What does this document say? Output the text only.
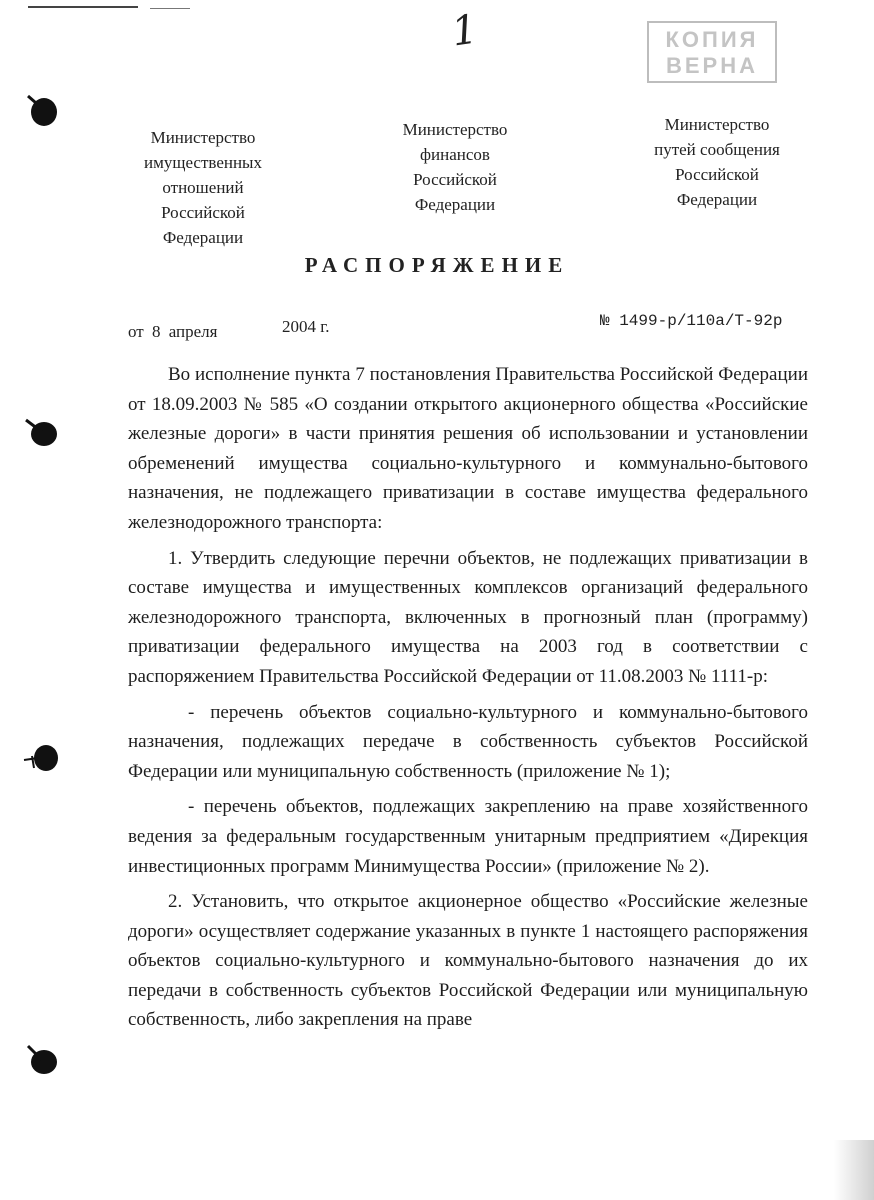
1	КОПИЯ
ВЕРНА
Министерство
имущественных
отношений
Российской
Федерации
Министерство
финансов
Российской
Федерации
Министерство
путей сообщения
Российской
Федерации
РАСПОРЯЖЕНИЕ
от 8 апреля	2004 г.	№ 1499-р/110а/Т-92р

Во исполнение пункта 7 постановления Правительства Российской Федерации от 18.09.2003 № 585 «О создании открытого акционерного общества «Российские железные дороги» в части принятия решения об использовании и установлении обременений имущества социально-культурного и коммунально-бытового назначения, не подлежащего приватизации в составе имущества федерального железнодорожного транспорта:

1. Утвердить следующие перечни объектов, не подлежащих приватизации в составе имущества и имущественных комплексов организаций федерального железнодорожного транспорта, включенных в прогнозный план (программу) приватизации федерального имущества на 2003 год в соответствии с распоряжением Правительства Российской Федерации от 11.08.2003 № 1111-р:

- перечень объектов социально-культурного и коммунально-бытового назначения, подлежащих передаче в собственность субъектов Российской Федерации или муниципальную собственность (приложение № 1);

- перечень объектов, подлежащих закреплению на праве хозяйственного ведения за федеральным государственным унитарным предприятием «Дирекция инвестиционных программ Минимущества России» (приложение № 2).

2. Установить, что открытое акционерное общество «Российские железные дороги» осуществляет содержание указанных в пункте 1 настоящего распоряжения объектов социально-культурного и коммунально-бытового назначения до их передачи в собственность субъектов Российской Федерации или муниципальную собственность, либо закрепления на праве
